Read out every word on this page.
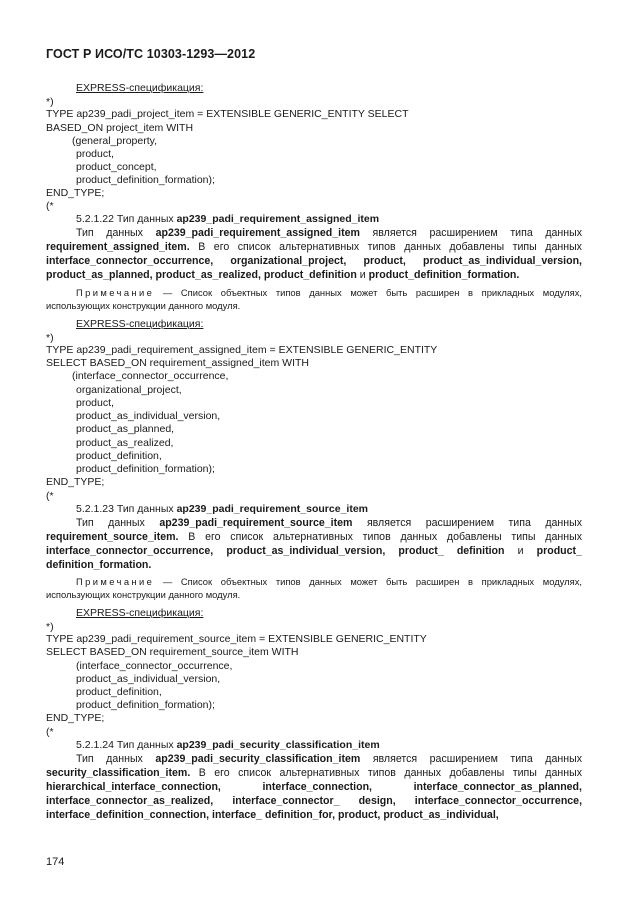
ГОСТ Р ИСО/ТС 10303-1293—2012
EXPRESS-спецификация:
*)
TYPE ap239_padi_project_item = EXTENSIBLE GENERIC_ENTITY SELECT
BASED_ON project_item WITH
(general_property,
product,
product_concept,
product_definition_formation);
END_TYPE;
(*
5.2.1.22 Тип данных ap239_padi_requirement_assigned_item
Тип данных ap239_padi_requirement_assigned_item является расширением типа данных requirement_assigned_item. В его список альтернативных типов данных добавлены типы данных interface_connector_occurrence, organizational_project, product, product_as_individual_version, product_as_planned, product_as_realized, product_definition и product_definition_formation.
Примечание — Список объектных типов данных может быть расширен в прикладных модулях, использующих конструкции данного модуля.
EXPRESS-спецификация:
*)
TYPE ap239_padi_requirement_assigned_item = EXTENSIBLE GENERIC_ENTITY
SELECT BASED_ON requirement_assigned_item WITH
(interface_connector_occurrence,
organizational_project,
product,
product_as_individual_version,
product_as_planned,
product_as_realized,
product_definition,
product_definition_formation);
END_TYPE;
(*
5.2.1.23 Тип данных ap239_padi_requirement_source_item
Тип данных ap239_padi_requirement_source_item является расширением типа данных requirement_source_item. В его список альтернативных типов данных добавлены типы данных interface_connector_occurrence, product_as_individual_version, product_ definition и product_ definition_formation.
Примечание — Список объектных типов данных может быть расширен в прикладных модулях, использующих конструкции данного модуля.
EXPRESS-спецификация:
*)
TYPE ap239_padi_requirement_source_item = EXTENSIBLE GENERIC_ENTITY
SELECT BASED_ON requirement_source_item WITH
(interface_connector_occurrence,
product_as_individual_version,
product_definition,
product_definition_formation);
END_TYPE;
(*
5.2.1.24 Тип данных ap239_padi_security_classification_item
Тип данных ap239_padi_security_classification_item является расширением типа данных security_classification_item. В его список альтернативных типов данных добавлены типы данных hierarchical_interface_connection,	interface_connection,	interface_connector_as_planned, interface_connector_as_realized, interface_connector_ design, interface_connector_occurrence, interface_definition_connection, interface_ definition_for, product, product_as_individual,
174
